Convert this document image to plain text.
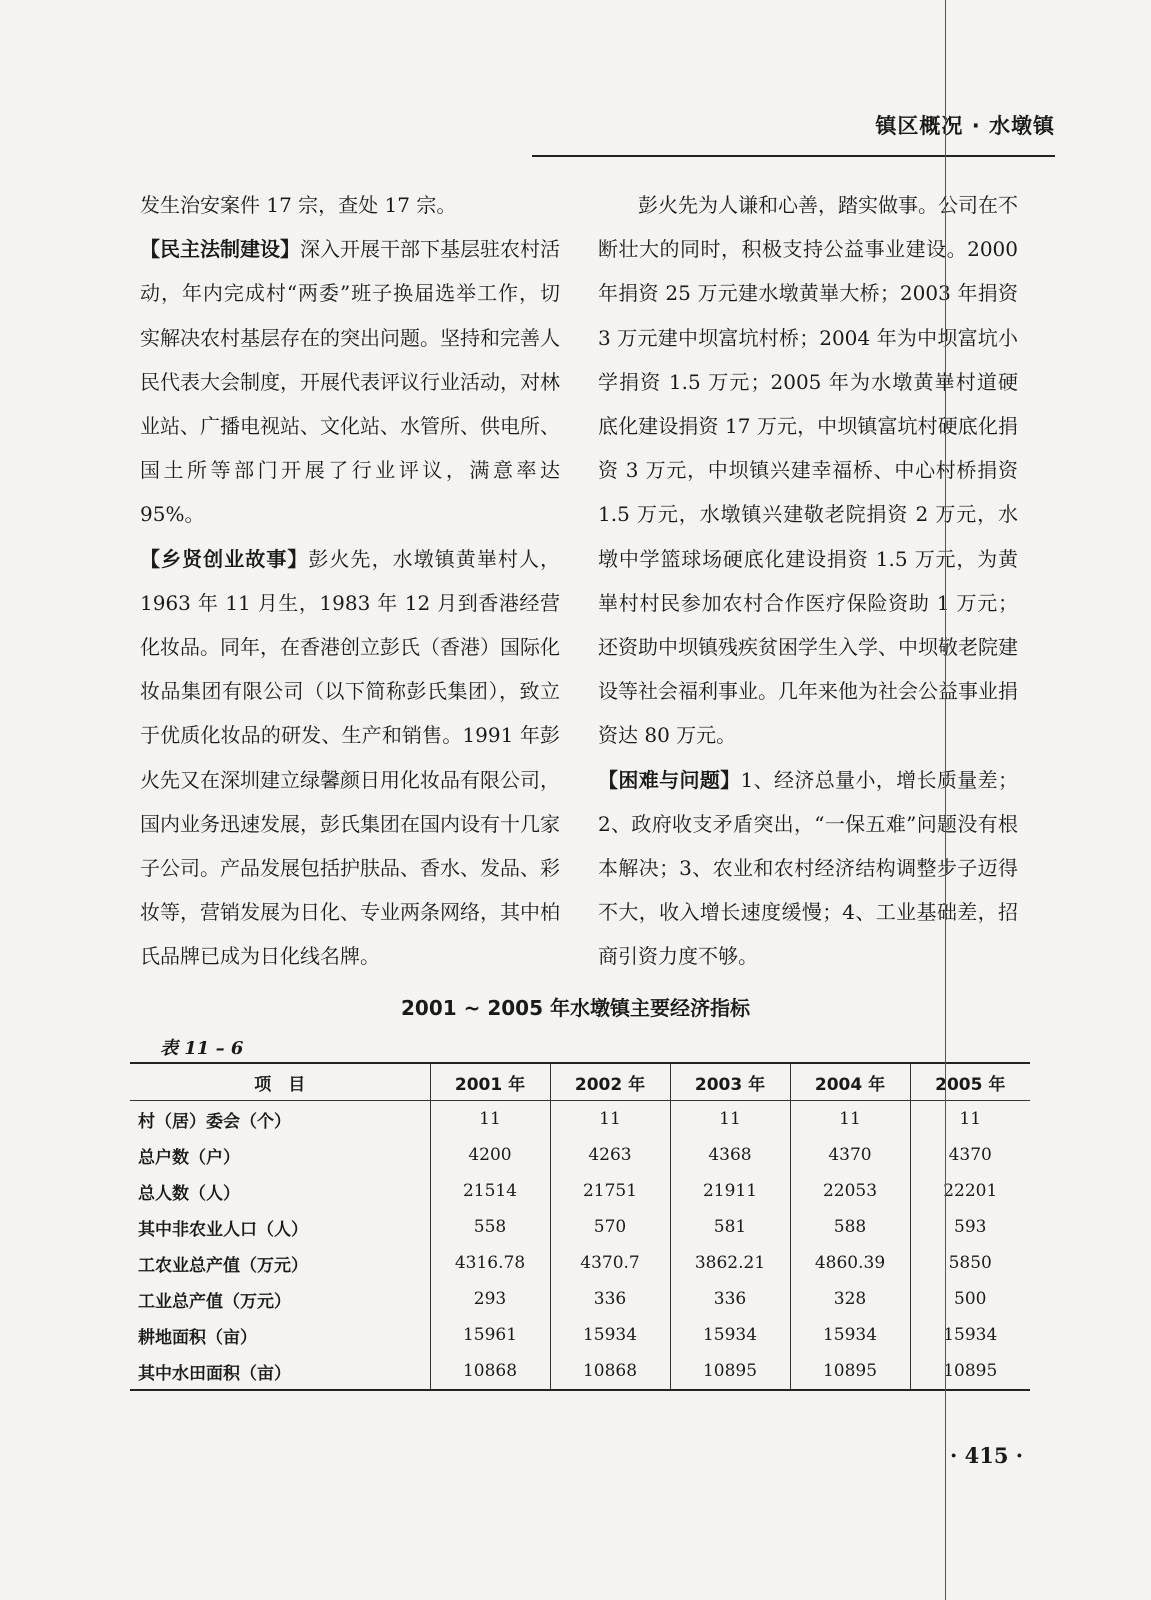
镇区概况 · 水墩镇

发生治安案件 17 宗，查处 17 宗。

【民主法制建设】深入开展干部下基层驻农村活动，年内完成村“两委”班子换届选举工作，切实解决农村基层存在的突出问题。坚持和完善人民代表大会制度，开展代表评议行业活动，对林业站、广播电视站、文化站、水管所、供电所、国土所等部门开展了行业评议，满意率达 95%。

【乡贤创业故事】彭火先，水墩镇黄崋村人，1963 年 11 月生，1983 年 12 月到香港经营化妆品。同年，在香港创立彭氏（香港）国际化妆品集团有限公司（以下简称彭氏集团），致立于优质化妆品的研发、生产和销售。1991 年彭火先又在深圳建立绿馨颜日用化妆品有限公司，国内业务迅速发展，彭氏集团在国内设有十几家子公司。产品发展包括护肤品、香水、发品、彩妆等，营销发展为日化、专业两条网络，其中柏氏品牌已成为日化线名牌。

彭火先为人谦和心善，踏实做事。公司在不断壮大的同时，积极支持公益事业建设。2000 年捐资 25 万元建水墩黄崋大桥；2003 年捐资 3 万元建中坝富坑村桥；2004 年为中坝富坑小学捐资 1.5 万元；2005 年为水墩黄崋村道硬底化建设捐资 17 万元，中坝镇富坑村硬底化捐资 3 万元，中坝镇兴建幸福桥、中心村桥捐资 1.5 万元，水墩镇兴建敬老院捐资 2 万元，水墩中学篮球场硬底化建设捐资 1.5 万元，为黄崋村村民参加农村合作医疗保险资助 1 万元；还资助中坝镇残疾贫困学生入学、中坝敬老院建设等社会福利事业。几年来他为社会公益事业捐资达 80 万元。

【困难与问题】1、经济总量小，增长质量差；2、政府收支矛盾突出，“一保五难”问题没有根本解决；3、农业和农村经济结构调整步子迈得不大，收入增长速度缓慢；4、工业基础差，招商引资力度不够。

2001 ~ 2005 年水墩镇主要经济指标
表 11 – 6
项　目	2001 年	2002 年	2003 年	2004 年	2005 年
村（居）委会（个）	11	11	11	11	11
总户数（户）	4200	4263	4368	4370	4370
总人数（人）	21514	21751	21911	22053	22201
其中非农业人口（人）	558	570	581	588	593
工农业总产值（万元）	4316.78	4370.7	3862.21	4860.39	5850
工业总产值（万元）	293	336	336	328	500
耕地面积（亩）	15961	15934	15934	15934	15934
其中水田面积（亩）	10868	10868	10895	10895	10895
· 415 ·
